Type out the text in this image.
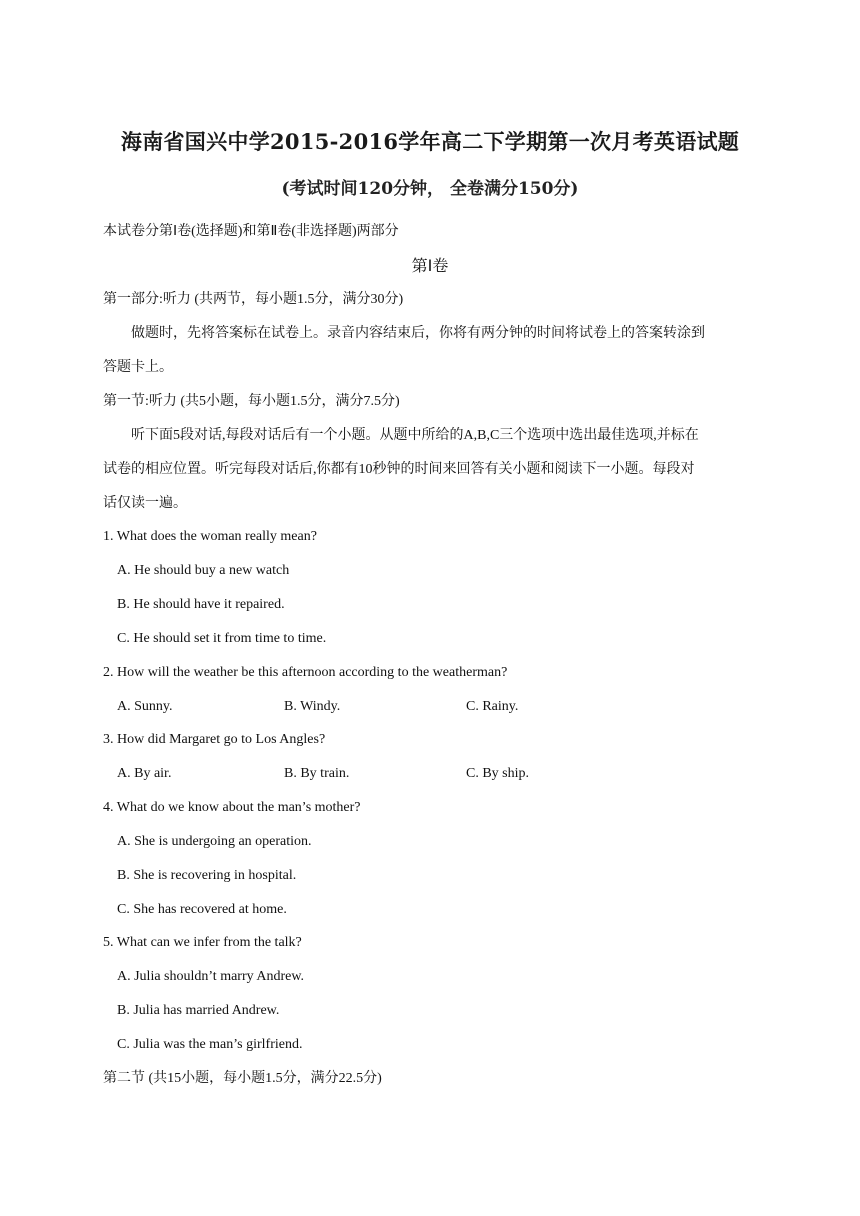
海南省国兴中学2015-2016学年高二下学期第一次月考英语试题
(考试时间120分钟， 全卷满分150分)
本试卷分第Ⅰ卷(选择题)和第Ⅱ卷(非选择题)两部分
第Ⅰ卷
第一部分:听力 (共两节，每小题1.5分，满分30分)
做题时，先将答案标在试卷上。录音内容结束后，你将有两分钟的时间将试卷上的答案转涂到
答题卡上。
第一节:听力 (共5小题，每小题1.5分，满分7.5分)
听下面5段对话,每段对话后有一个小题。从题中所给的A,B,C三个选项中选出最佳选项,并标在
试卷的相应位置。听完每段对话后,你都有10秒钟的时间来回答有关小题和阅读下一小题。每段对
话仅读一遍。
1. What does the woman really mean?
A. He should buy a new watch
B. He should have it repaired.
C. He should set it from time to time.
2. How will the weather be this afternoon according to the weatherman?
A. Sunny.	B. Windy.	C. Rainy.
3. How did Margaret go to Los Angles?
A. By air.	B. By train.	C. By ship.
4. What do we know about the man’s mother?
A. She is undergoing an operation.
B. She is recovering in hospital.
C. She has recovered at home.
5. What can we infer from the talk?
A. Julia shouldn’t marry Andrew.
B. Julia has married Andrew.
C. Julia was the man’s girlfriend.
第二节 (共15小题，每小题1.5分，满分22.5分)
